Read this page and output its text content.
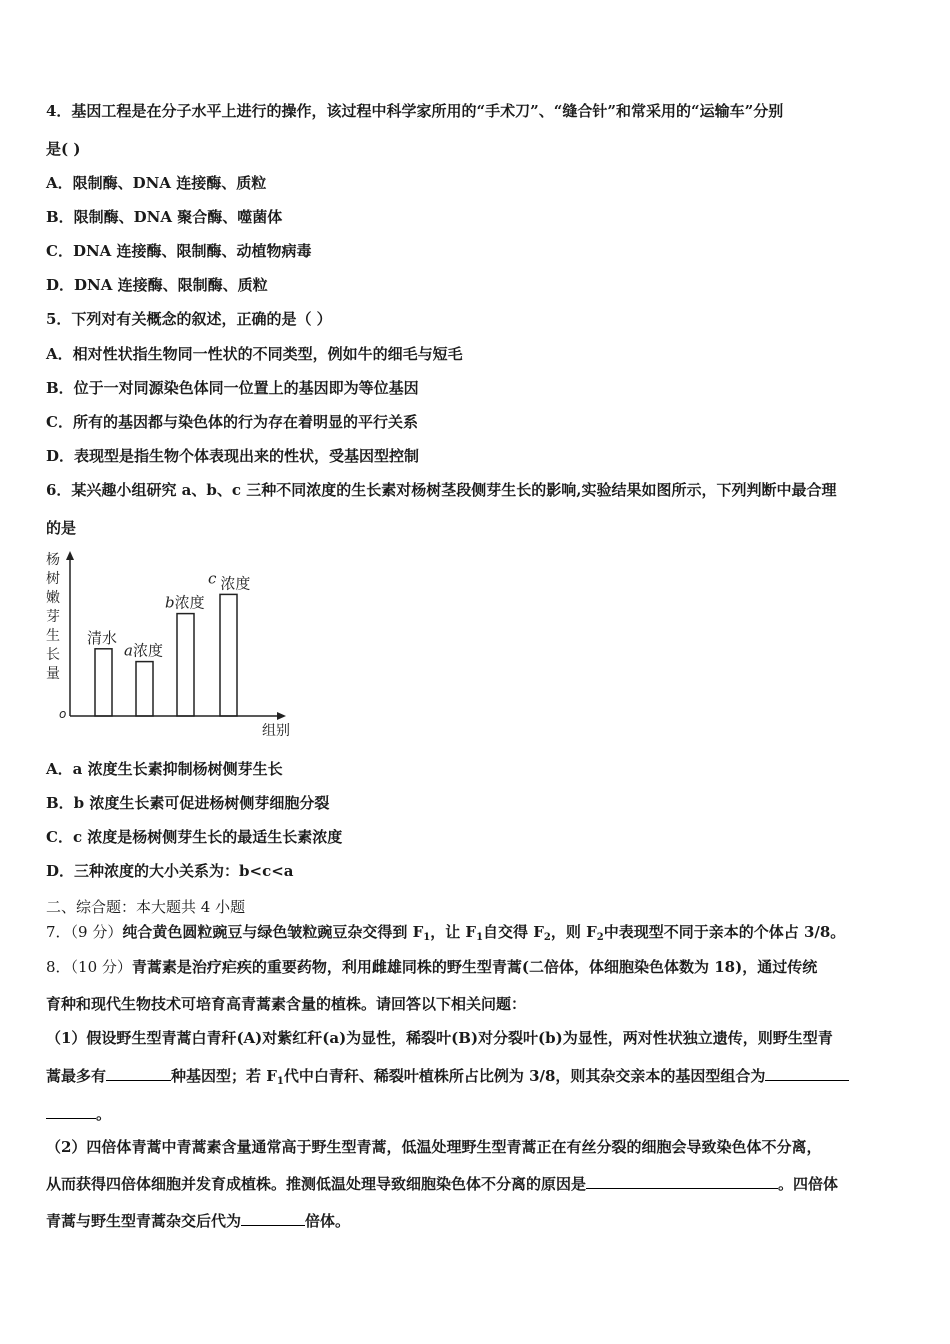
4．基因工程是在分子水平上进行的操作，该过程中科学家所用的“手术刀”、“缝合针”和常采用的“运输车”分别
是( )
A．限制酶、DNA 连接酶、质粒
B．限制酶、DNA 聚合酶、噬菌体
C．DNA 连接酶、限制酶、动植物病毒
D．DNA 连接酶、限制酶、质粒
5．下列对有关概念的叙述，正确的是（ ）
A．相对性状指生物同一性状的不同类型，例如牛的细毛与短毛
B．位于一对同源染色体同一位置上的基因即为等位基因
C．所有的基因都与染色体的行为存在着明显的平行关系
D．表现型是指生物个体表现出来的性状，受基因型控制
6．某兴趣小组研究 a、b、c 三种不同浓度的生长素对杨树茎段侧芽生长的影响,实验结果如图所示，下列判断中最合理
的是
杨
树
嫩
芽
生
长
量
o
组别
清水
a浓度
b浓度
c 浓度
A．a 浓度生长素抑制杨树侧芽生长
B．b 浓度生长素可促进杨树侧芽细胞分裂
C．c 浓度是杨树侧芽生长的最适生长素浓度
D．三种浓度的大小关系为：b<c<a
二、综合题：本大题共 4 小题
7．（9 分）纯合黄色圆粒豌豆与绿色皱粒豌豆杂交得到 $F_1$，让 $F_1$自交得 $F_2$，则 $F_2$中表现型不同于亲本的个体占 3/8。
8．（10 分）青蒿素是治疗疟疾的重要药物，利用雌雄同株的野生型青蒿(二倍体，体细胞染色体数为 18)，通过传统
育种和现代生物技术可培育高青蒿素含量的植株。请回答以下相关问题：
（1）假设野生型青蒿白青秆(A)对紫红秆(a)为显性，稀裂叶(B)对分裂叶(b)为显性，两对性状独立遗传，则野生型青
蒿最多有	种基因型；若 $F_1$代中白青秆、稀裂叶植株所占比例为 3/8，则其杂交亲本的基因型组合为
。
（2）四倍体青蒿中青蒿素含量通常高于野生型青蒿，低温处理野生型青蒿正在有丝分裂的细胞会导致染色体不分离，
从而获得四倍体细胞并发育成植株。推测低温处理导致细胞染色体不分离的原因是	。四倍体
青蒿与野生型青蒿杂交后代为	倍体。
